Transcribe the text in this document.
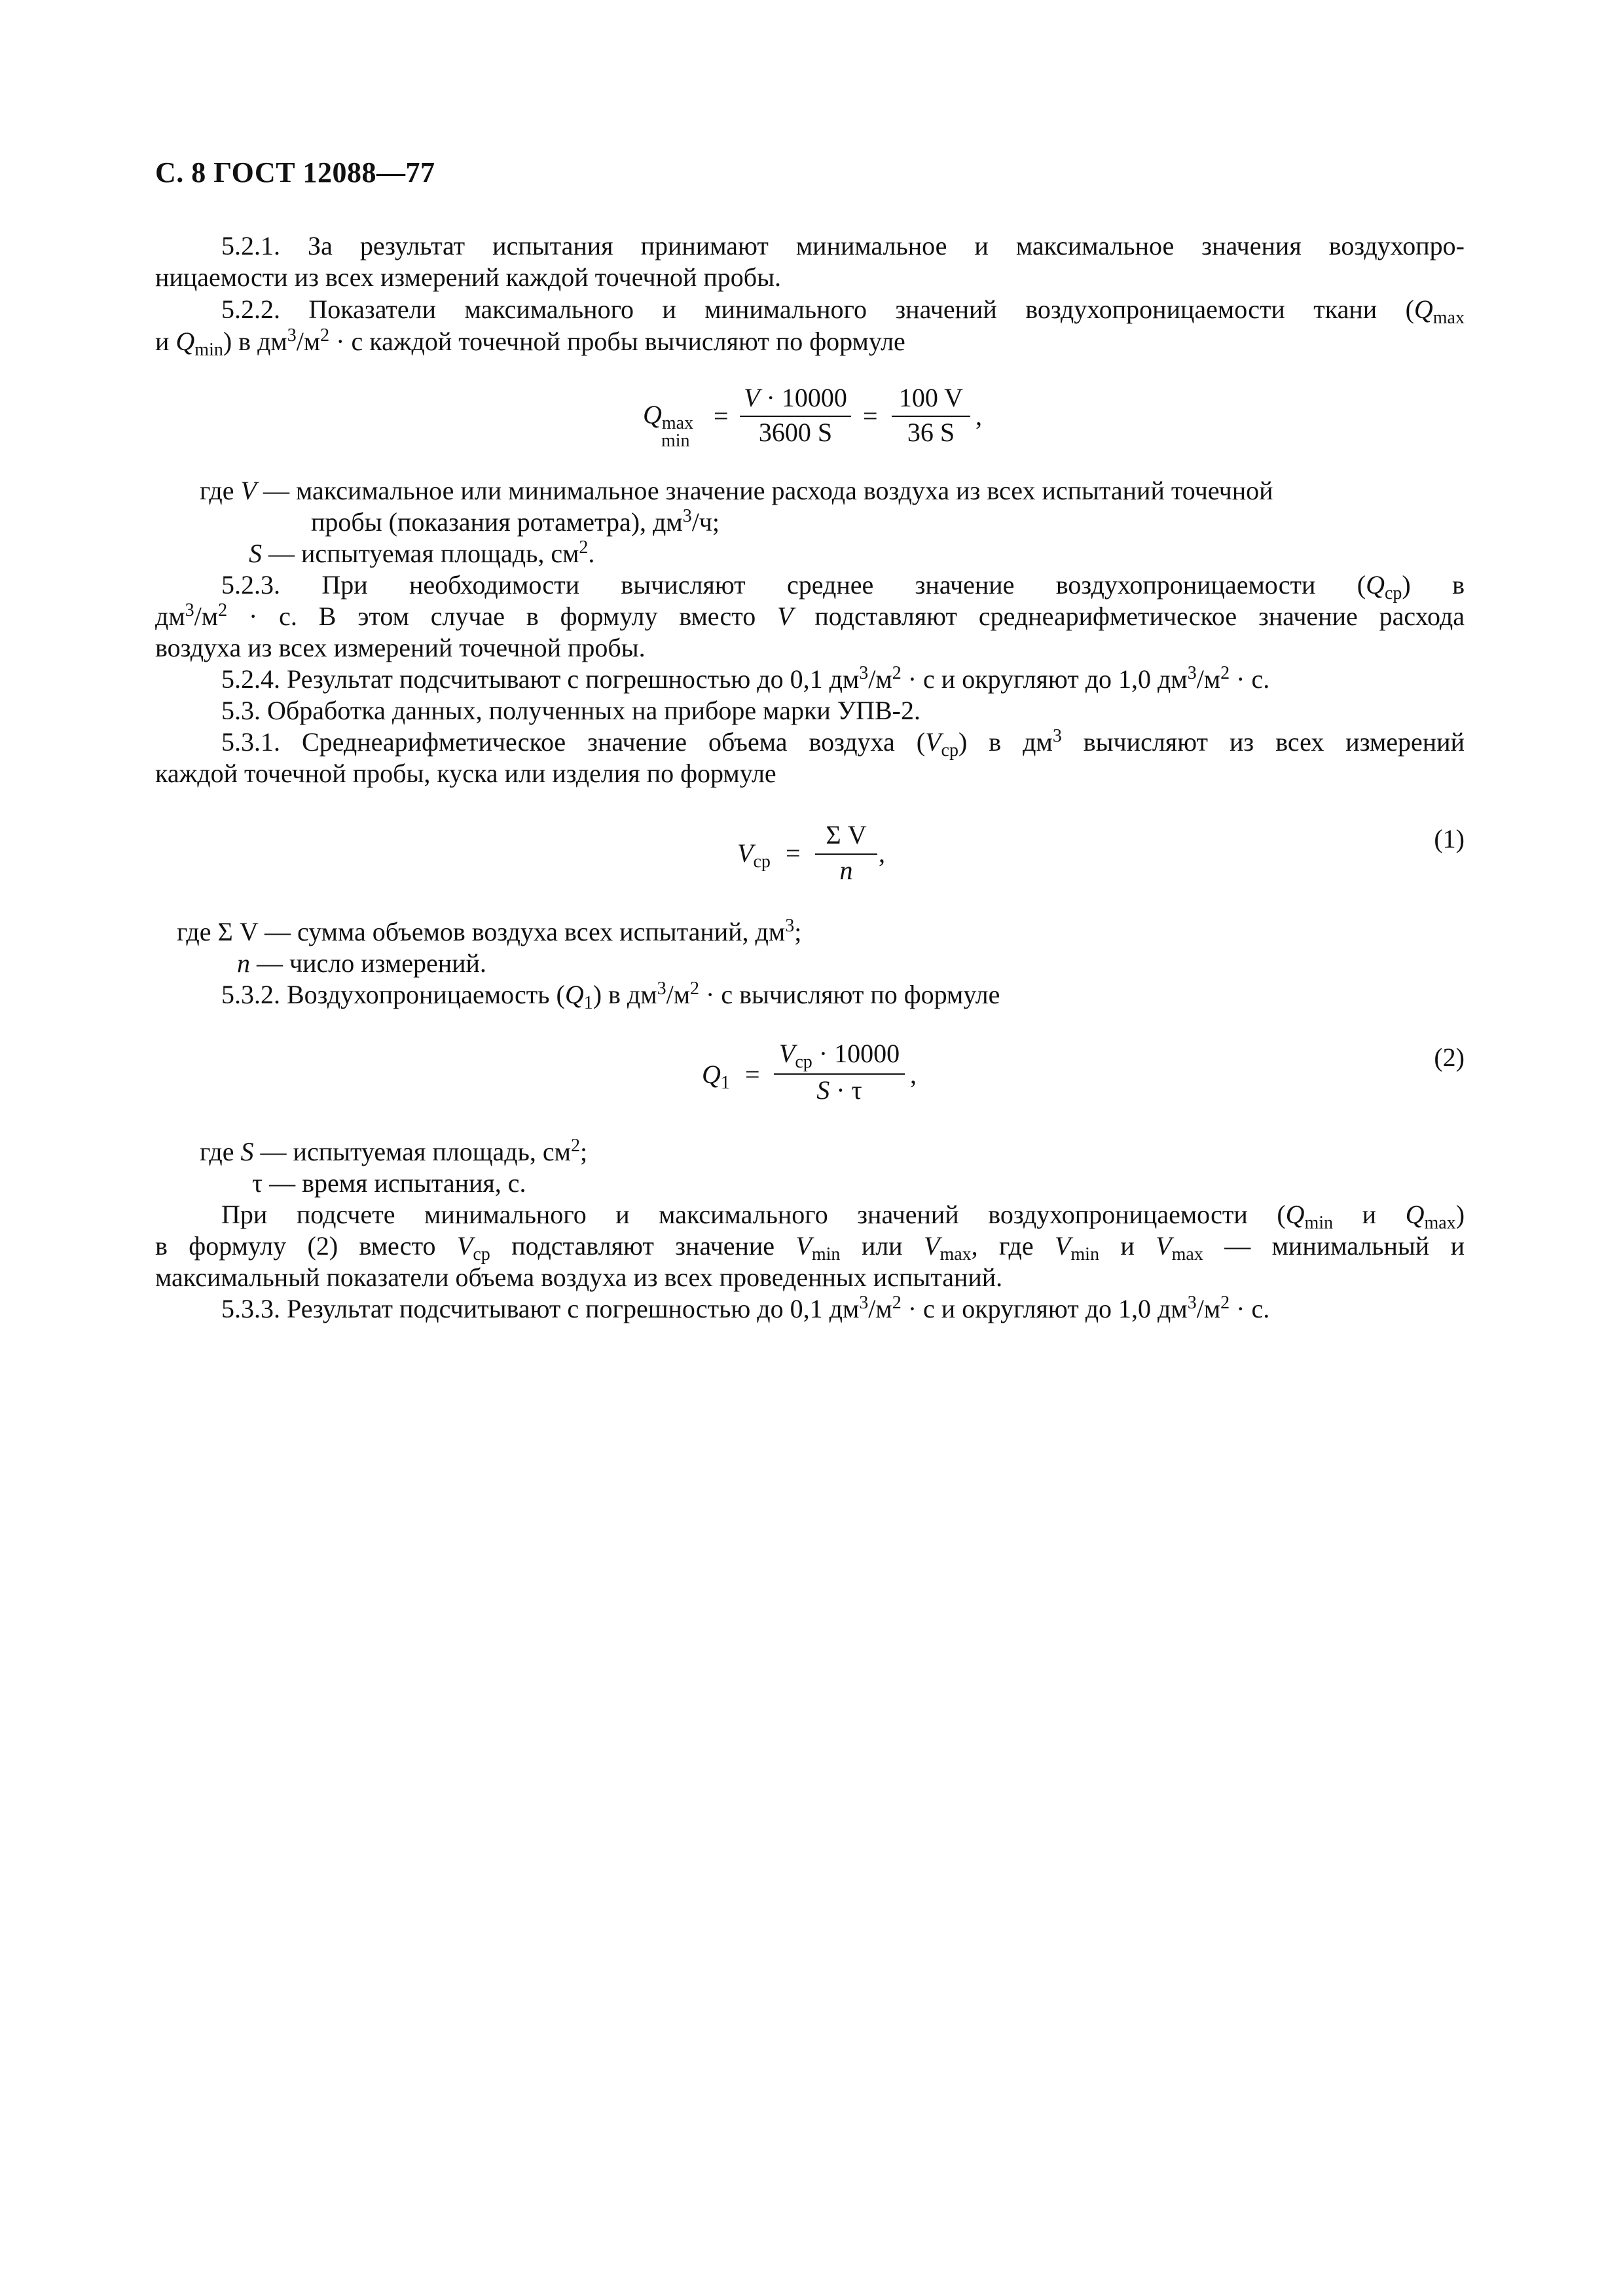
С. 8 ГОСТ 12088—77
5.2.1. За результат испытания принимают минимальное и максимальное значения воздухопро-
ницаемости из всех измерений каждой точечной пробы.
5.2.2. Показатели максимального и минимального значений воздухопроницаемости ткани ($Q_{max}$
и $Q_{min}$) в $дм^3/м^2 \cdot с$ каждой точечной пробы вычисляют по формуле
$Q_{max}$
min
=
V · 10000
3600 S
=
100 V
36 S
,
где V — максимальное или минимальное значение расхода воздуха из всех испытаний точечной
пробы (показания ротаметра), $дм^3/ч$;
S — испытуемая площадь, $см^2$.
5.2.3. При необходимости вычисляют среднее значение воздухопроницаемости $(Q_{ср})$ в
$дм^3/м^2 \cdot с$. В этом случае в формулу вместо V подставляют среднеарифметическое значение расхода
воздуха из всех измерений точечной пробы.
5.2.4. Результат подсчитывают с погрешностью до 0,1 $дм^3/м^2 \cdot с$ и округляют до 1,0 $дм^3/м^2 \cdot с$.
5.3. Обработка данных, полученных на приборе марки УПВ-2.
5.3.1. Среднеарифметическое значение объема воздуха $(V_{ср})$ в $дм^3$ вычисляют из всех измерений
каждой точечной пробы, куска или изделия по формуле
$V_{ср}$ =
Σ V
n
,	(1)
где Σ V — сумма объемов воздуха всех испытаний, $дм^3$;
n — число измерений.
5.3.2. Воздухопроницаемость $(Q_1)$ в $дм^3/м^2 \cdot с$ вычисляют по формуле
$Q_1$ =
$V_{ср} \cdot 10000$
S · τ
,
(2)
где S — испытуемая площадь, $см^2$;
τ — время испытания, с.
При подсчете минимального и максимального значений воздухопроницаемости ($Q_{min}$ и $Q_{max}$)
в формулу (2) вместо $V_{ср}$ подставляют значение $V_{min}$ или $V_{max}$, где $V_{min}$ и $V_{max}$ — минимальный и
максимальный показатели объема воздуха из всех проведенных испытаний.
5.3.3. Результат подсчитывают с погрешностью до 0,1 $дм^3/м^2 \cdot с$ и округляют до 1,0 $дм^3/м^2 \cdot с$.
